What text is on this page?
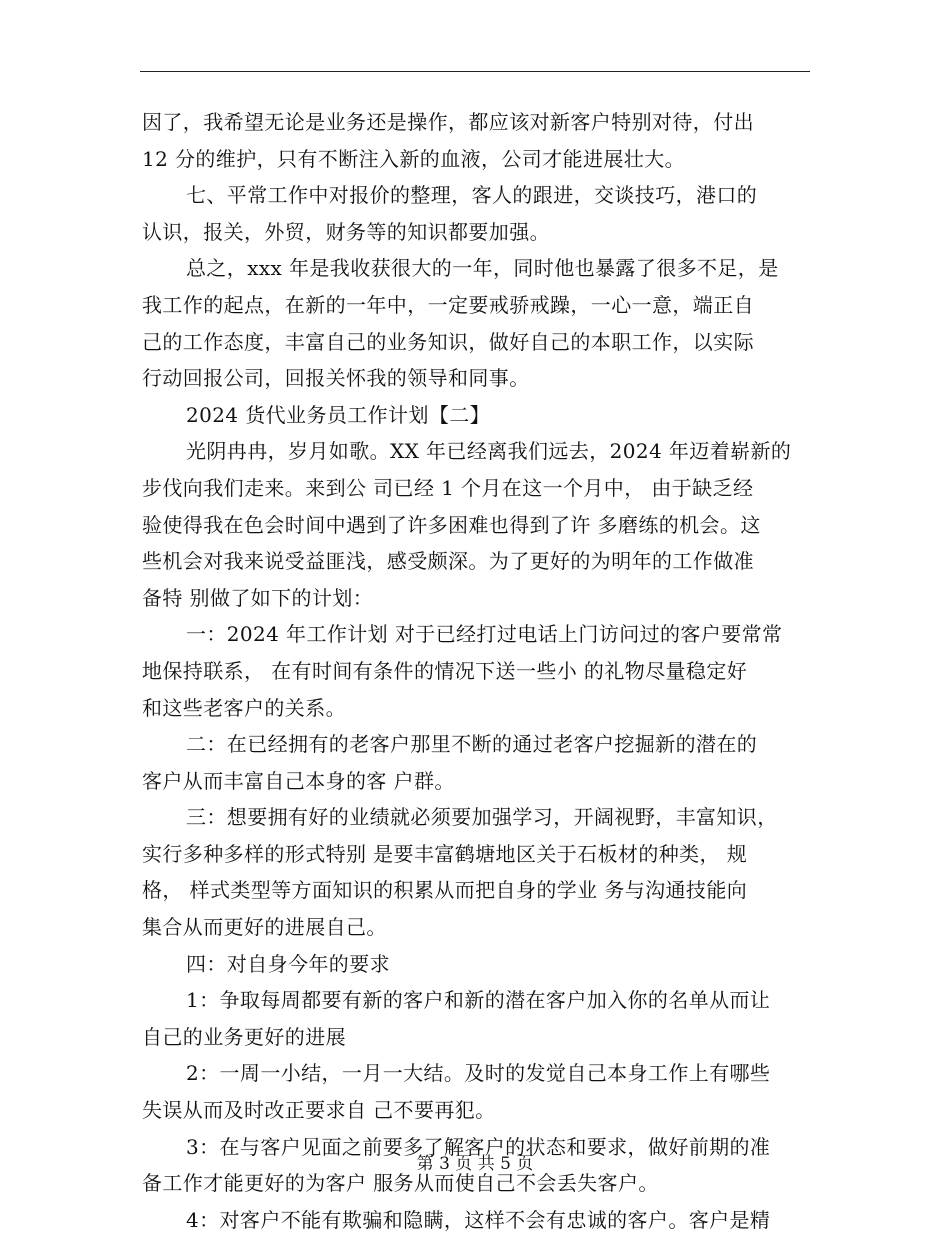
因了，我希望无论是业务还是操作，都应该对新客户特别对待，付出
12 分的维护，只有不断注入新的血液，公司才能进展壮大。
七、平常工作中对报价的整理，客人的跟进，交谈技巧，港口的
认识，报关，外贸，财务等的知识都要加强。
总之，xxx 年是我收获很大的一年，同时他也暴露了很多不足，是
我工作的起点，在新的一年中，一定要戒骄戒躁，一心一意，端正自
己的工作态度，丰富自己的业务知识，做好自己的本职工作，以实际
行动回报公司，回报关怀我的领导和同事。
2024 货代业务员工作计划【二】
光阴冉冉，岁月如歌。XX 年已经离我们远去，2024 年迈着崭新的
步伐向我们走来。来到公 司已经 1 个月在这一个月中， 由于缺乏经
验使得我在色会时间中遇到了许多困难也得到了许 多磨练的机会。这
些机会对我来说受益匪浅，感受颇深。为了更好的为明年的工作做准
备特 别做了如下的计划：
一：2024 年工作计划 对于已经打过电话上门访问过的客户要常常
地保持联系， 在有时间有条件的情况下送一些小 的礼物尽量稳定好
和这些老客户的关系。
二：在已经拥有的老客户那里不断的通过老客户挖掘新的潜在的
客户从而丰富自己本身的客 户群。
三：想要拥有好的业绩就必须要加强学习，开阔视野，丰富知识，
实行多种多样的形式特别 是要丰富鹤塘地区关于石板材的种类， 规
格， 样式类型等方面知识的积累从而把自身的学业 务与沟通技能向
集合从而更好的进展自己。
四：对自身今年的要求
1：争取每周都要有新的客户和新的潜在客户加入你的名单从而让
自己的业务更好的进展
2：一周一小结，一月一大结。及时的发觉自己本身工作上有哪些
失误从而及时改正要求自 己不要再犯。
3：在与客户见面之前要多了解客户的状态和要求，做好前期的准
备工作才能更好的为客户 服务从而使自己不会丢失客户。
4：对客户不能有欺骗和隐瞒，这样不会有忠诚的客户。客户是精
第 3 页 共 5 页
